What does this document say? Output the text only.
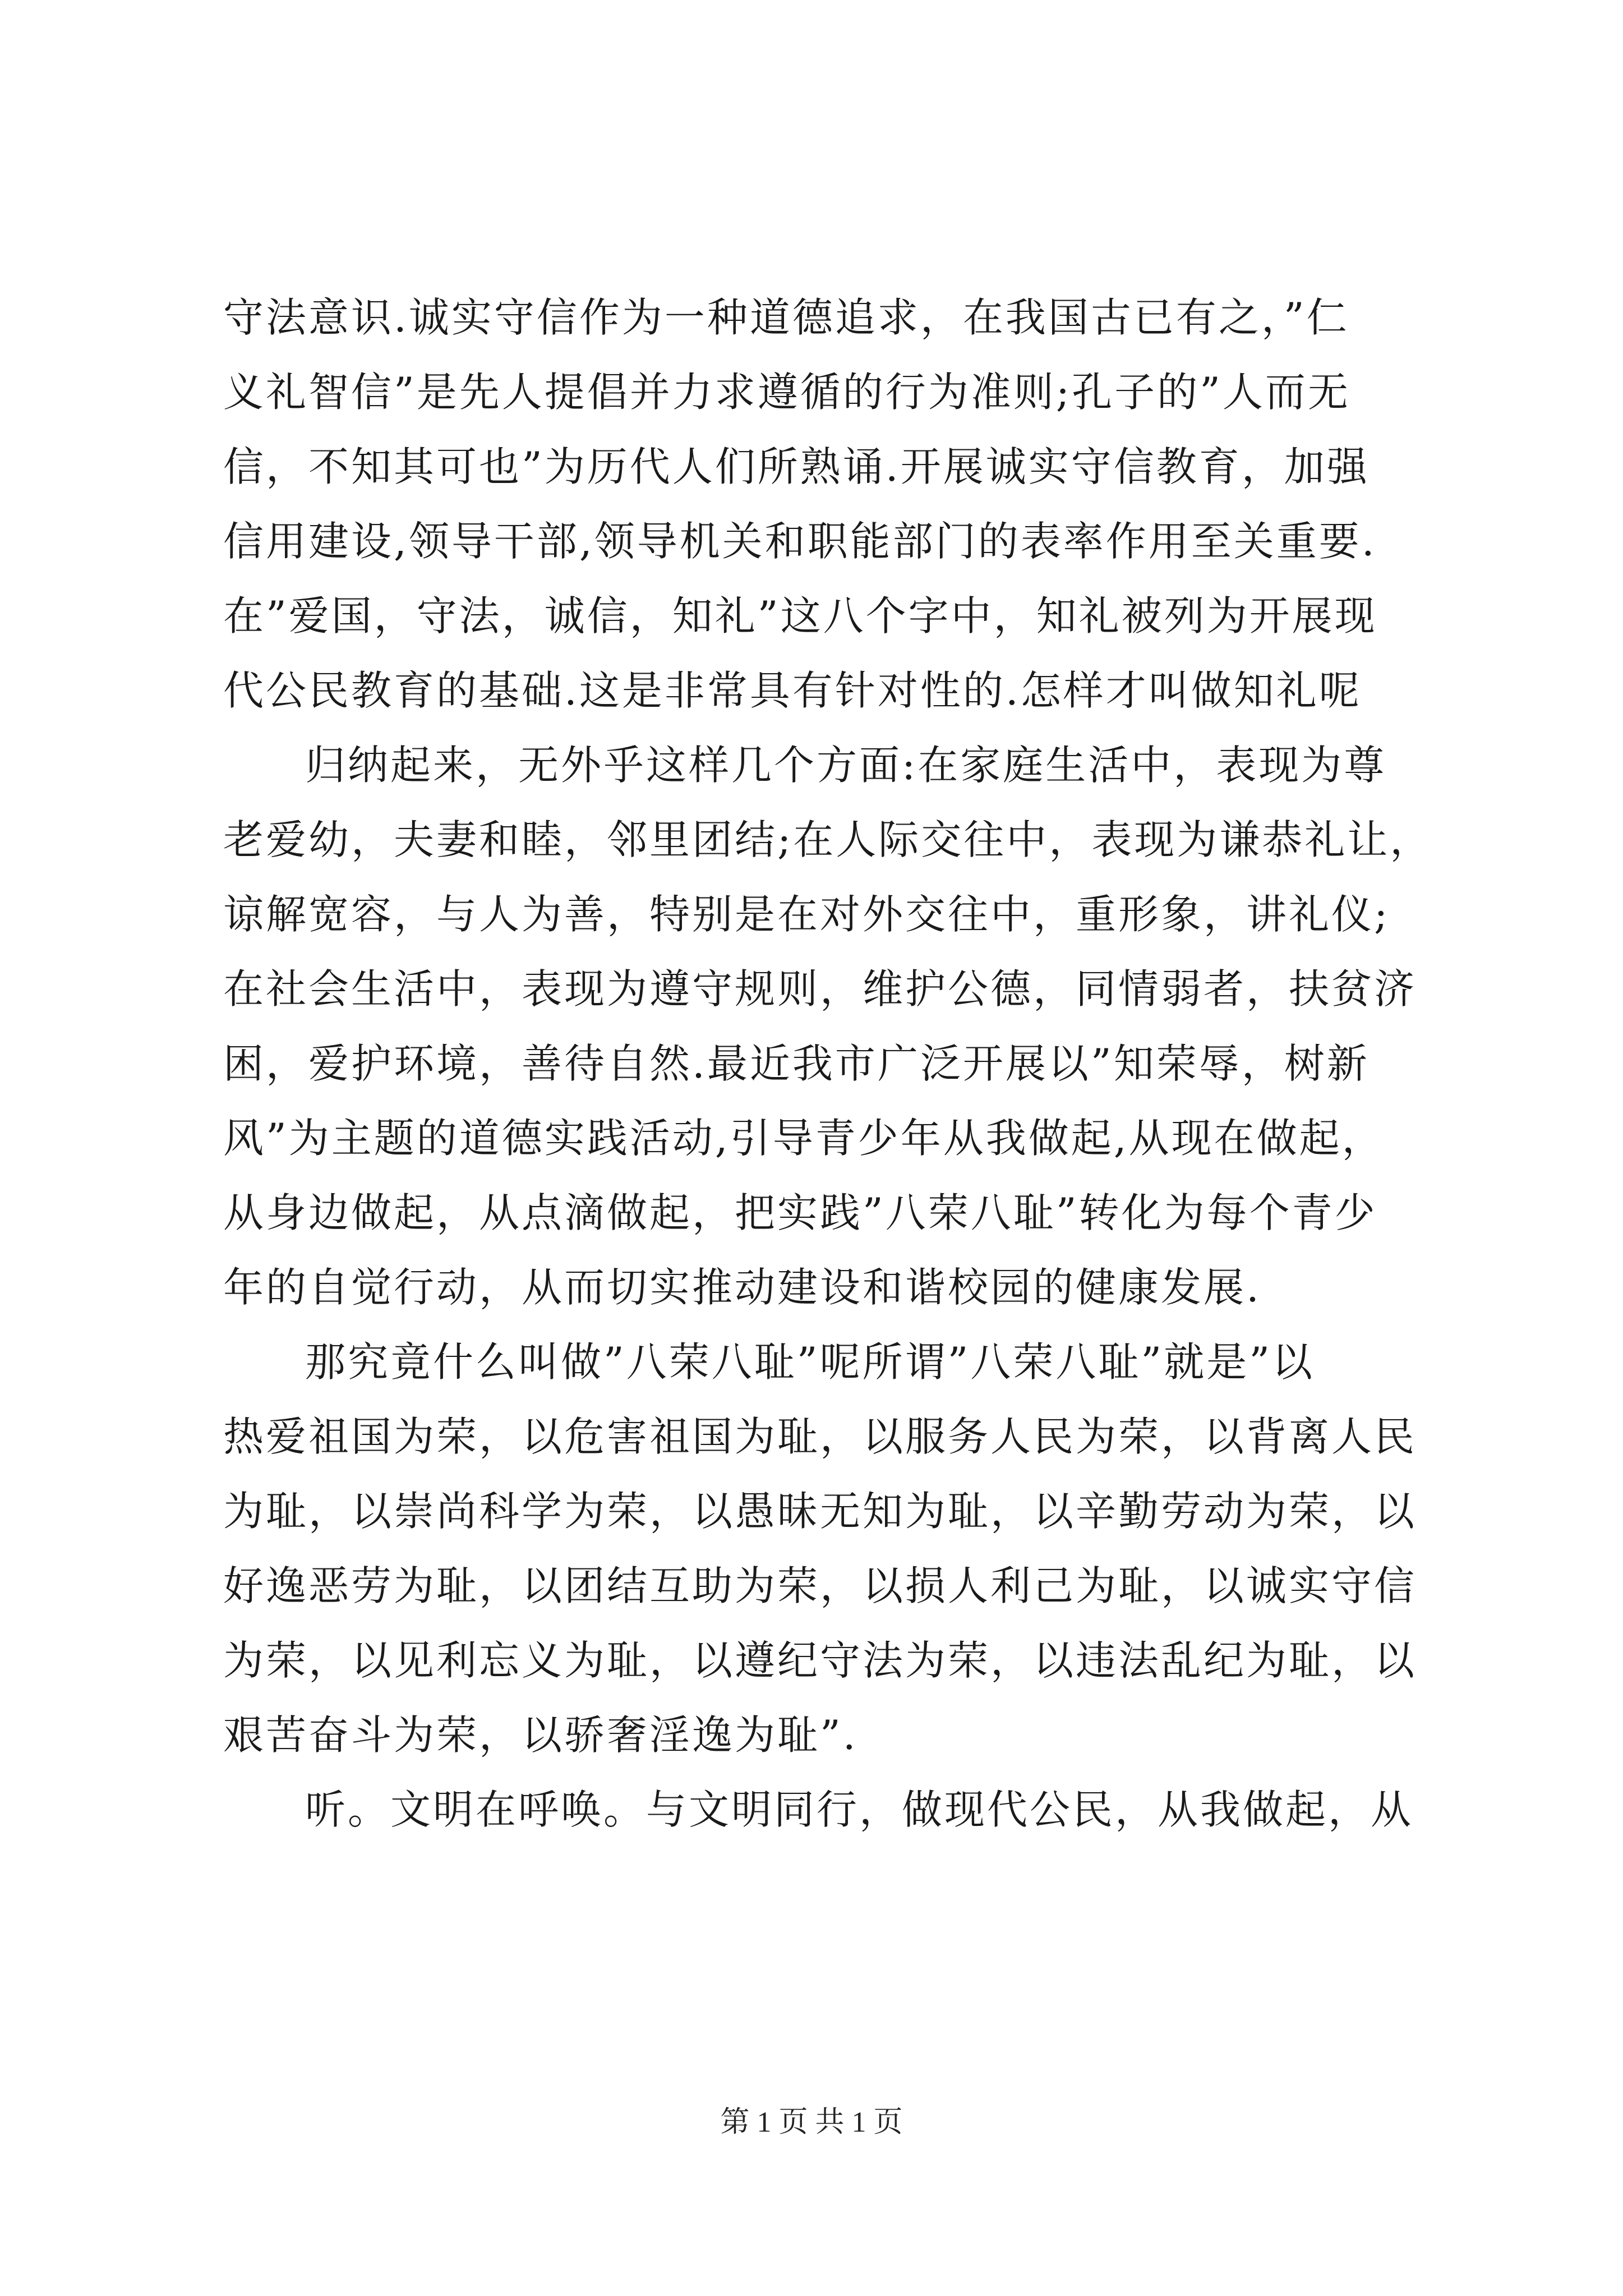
守法意识.诚实守信作为一种道德追求，在我国古已有之，”仁
义礼智信”是先人提倡并力求遵循的行为准则;孔子的”人而无
信，不知其可也”为历代人们所熟诵.开展诚实守信教育，加强
信用建设,领导干部,领导机关和职能部门的表率作用至关重要.
在”爱国，守法，诚信，知礼”这八个字中，知礼被列为开展现
代公民教育的基础.这是非常具有针对性的.怎样才叫做知礼呢
归纳起来，无外乎这样几个方面:在家庭生活中，表现为尊
老爱幼，夫妻和睦，邻里团结;在人际交往中，表现为谦恭礼让，
谅解宽容，与人为善，特别是在对外交往中，重形象，讲礼仪;
在社会生活中，表现为遵守规则，维护公德，同情弱者，扶贫济
困，爱护环境，善待自然.最近我市广泛开展以”知荣辱，树新
风”为主题的道德实践活动,引导青少年从我做起,从现在做起，
从身边做起，从点滴做起，把实践”八荣八耻”转化为每个青少
年的自觉行动，从而切实推动建设和谐校园的健康发展.
那究竟什么叫做”八荣八耻”呢所谓”八荣八耻”就是”以
热爱祖国为荣，以危害祖国为耻，以服务人民为荣，以背离人民
为耻，以崇尚科学为荣，以愚昧无知为耻，以辛勤劳动为荣，以
好逸恶劳为耻，以团结互助为荣，以损人利己为耻，以诚实守信
为荣，以见利忘义为耻，以遵纪守法为荣，以违法乱纪为耻，以
艰苦奋斗为荣，以骄奢淫逸为耻”.
听。文明在呼唤。与文明同行，做现代公民，从我做起，从
第 1 页 共 1 页
